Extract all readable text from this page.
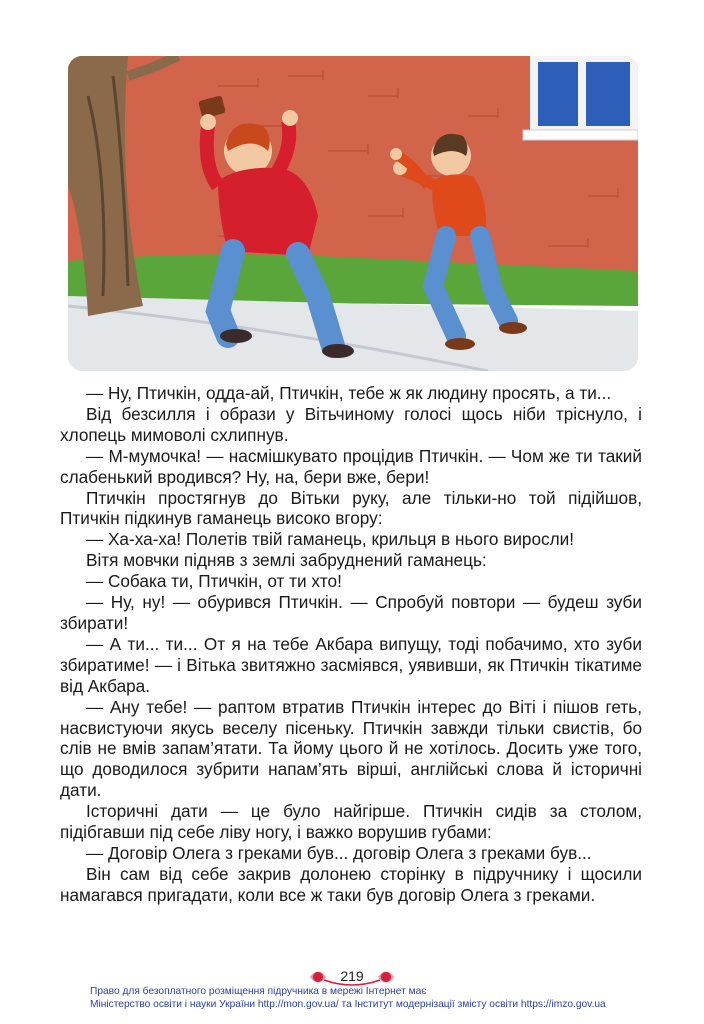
— Ну, Птичкін, одда-ай, Птичкін, тебе ж як людину просять, а ти...

Від безсилля і образи у Вітьчиному голосі щось ніби тріснуло, і хлопець мимоволі схлипнув.

— М-мумочка! — насмішкувато процідив Птичкін. — Чом же ти такий слабенький вродився? Ну, на, бери вже, бери!

Птичкін простягнув до Вітьки руку, але тільки-но той підійшов, Птичкін підкинув гаманець високо вгору:

— Ха-ха-ха! Полетів твій гаманець, крильця в нього виросли!

Вітя мовчки підняв з землі забруднений гаманець:

— Собака ти, Птичкін, от ти хто!

— Ну, ну! — обурився Птичкін. — Спробуй повтори — будеш зуби збирати!

— А ти... ти... От я на тебе Акбара випущу, тоді побачимо, хто зуби збиратиме! — і Вітька звитяжно засміявся, уявивши, як Птичкін тікатиме від Акбара.

— Ану тебе! — раптом втратив Птичкін інтерес до Віті і пішов геть, насвистуючи якусь веселу пісеньку. Птичкін завжди тільки свистів, бо слів не вмів запам’ятати. Та йому цього й не хотілось. Досить уже того, що доводилося зубрити напам’ять вірші, англійські слова й історичні дати.

Історичні дати — це було найгірше. Птичкін сидів за столом, підібгавши під себе ліву ногу, і важко ворушив губами:

— Договір Олега з греками був... договір Олега з греками був...

Він сам від себе закрив долонею сторінку в підручнику і щосили намагався пригадати, коли все ж таки був договір Олега з греками.

219
Право для безоплатного розміщення підручника в мережі Інтернет має
Міністерство освіти і науки України http://mon.gov.ua/ та Інститут модернізації змісту освіти https://imzo.gov.ua
